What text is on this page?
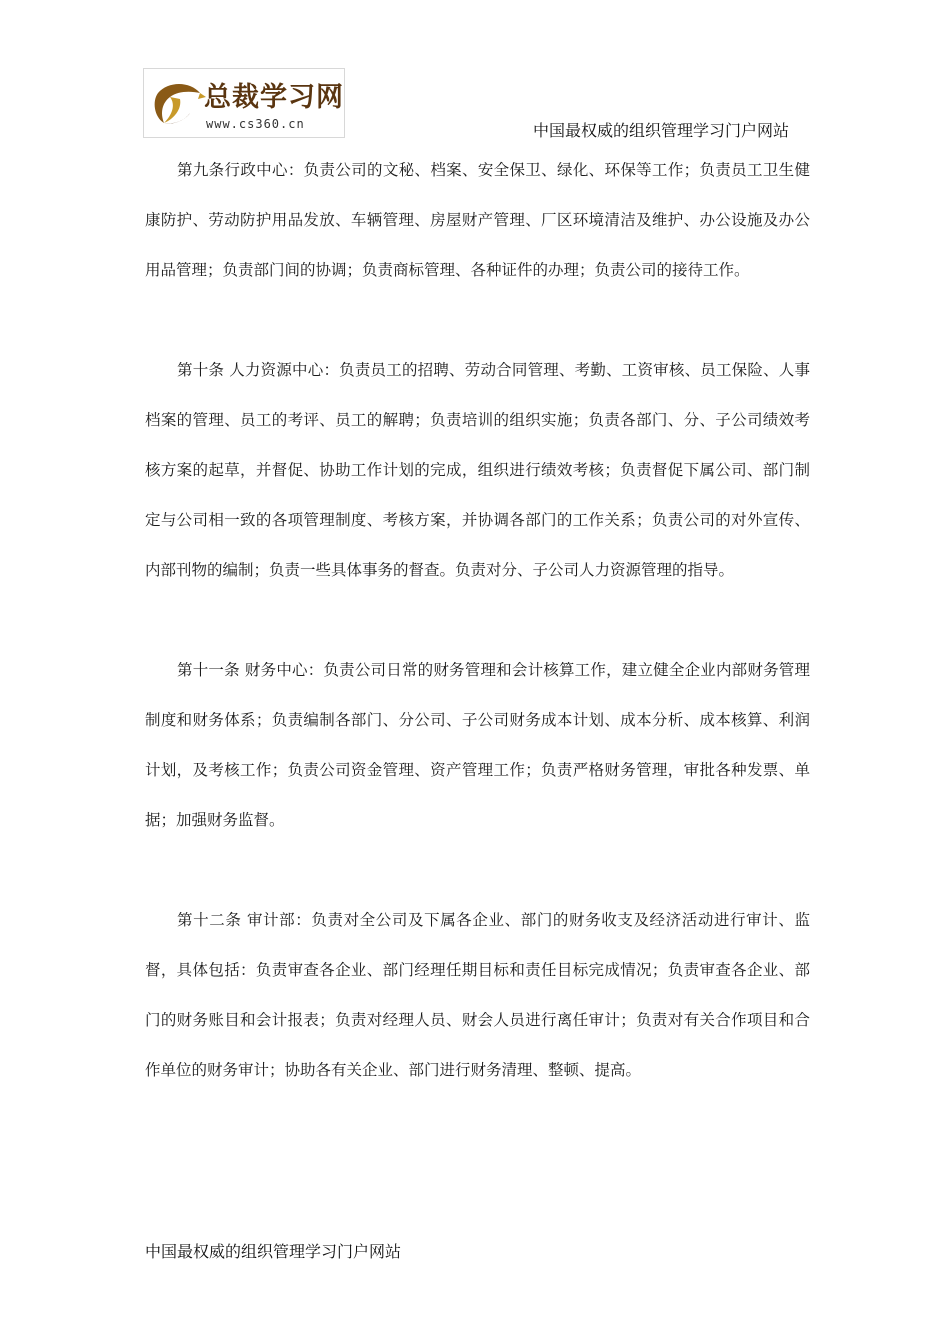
总裁学习网
www.cs360.cn	中国最权威的组织管理学习门户网站

第九条行政中心：负责公司的文秘、档案、安全保卫、绿化、环保等工作；负责员工卫生健康防护、劳动防护用品发放、车辆管理、房屋财产管理、厂区环境清洁及维护、办公设施及办公用品管理；负责部门间的协调；负责商标管理、各种证件的办理；负责公司的接待工作。

第十条 人力资源中心：负责员工的招聘、劳动合同管理、考勤、工资审核、员工保险、人事档案的管理、员工的考评、员工的解聘；负责培训的组织实施；负责各部门、分、子公司绩效考核方案的起草，并督促、协助工作计划的完成，组织进行绩效考核；负责督促下属公司、部门制定与公司相一致的各项管理制度、考核方案，并协调各部门的工作关系；负责公司的对外宣传、内部刊物的编制；负责一些具体事务的督查。负责对分、子公司人力资源管理的指导。

第十一条 财务中心：负责公司日常的财务管理和会计核算工作，建立健全企业内部财务管理制度和财务体系；负责编制各部门、分公司、子公司财务成本计划、成本分析、成本核算、利润计划，及考核工作；负责公司资金管理、资产管理工作；负责严格财务管理，审批各种发票、单据；加强财务监督。

第十二条 审计部：负责对全公司及下属各企业、部门的财务收支及经济活动进行审计、监督，具体包括：负责审查各企业、部门经理任期目标和责任目标完成情况；负责审查各企业、部门的财务账目和会计报表；负责对经理人员、财会人员进行离任审计；负责对有关合作项目和合作单位的财务审计；协助各有关企业、部门进行财务清理、整顿、提高。

中国最权威的组织管理学习门户网站
